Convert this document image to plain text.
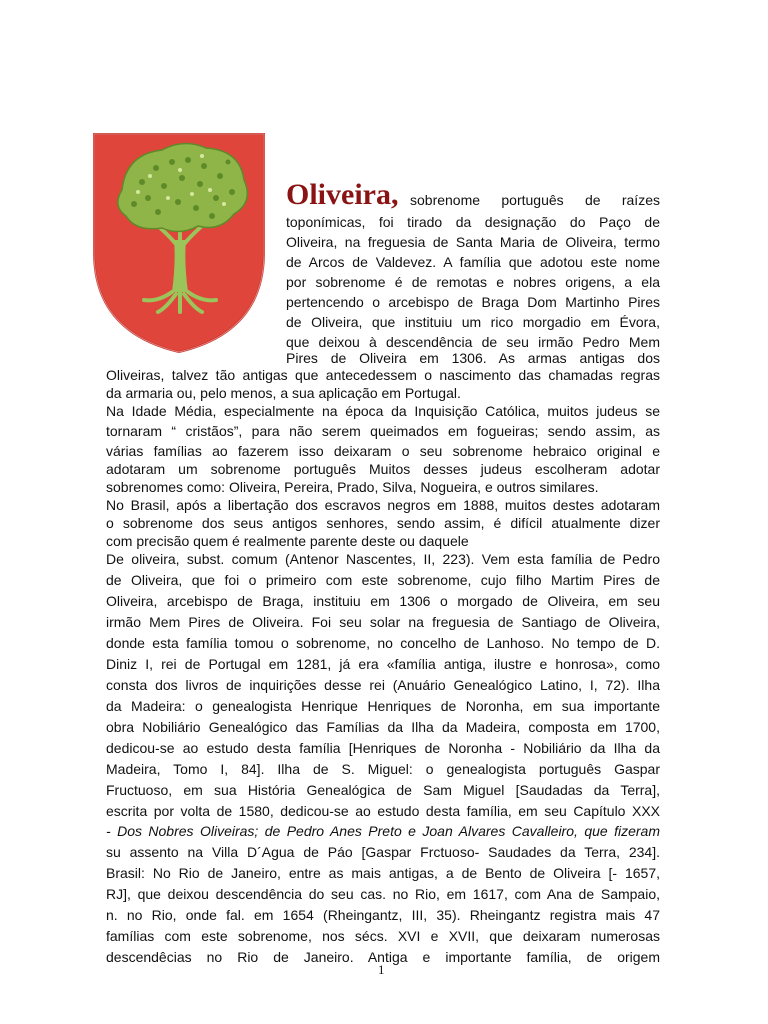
Oliveira, sobrenome português de raízes
toponímicas, foi tirado da designação do Paço de
Oliveira, na freguesia de Santa Maria de Oliveira, termo
de Arcos de Valdevez. A família que adotou este nome
por sobrenome é de remotas e nobres origens, a ela
pertencendo o arcebispo de Braga Dom Martinho Pires
de Oliveira, que instituiu um rico morgadio em Évora,
que deixou à descendência de seu irmão Pedro Mem
Pires de Oliveira em 1306. As armas antigas dos
Oliveiras, talvez tão antigas que antecedessem o nascimento das chamadas regras
da armaria ou, pelo menos, a sua aplicação em Portugal.
Na Idade Média, especialmente na época da Inquisição Católica, muitos judeus se
tornaram “ cristãos”, para não serem queimados em fogueiras; sendo assim, as
várias famílias ao fazerem isso deixaram o seu sobrenome hebraico original e
adotaram um sobrenome português Muitos desses judeus escolheram adotar
sobrenomes como: Oliveira, Pereira, Prado, Silva, Nogueira, e outros similares.
No Brasil, após a libertação dos escravos negros em 1888, muitos destes adotaram
o sobrenome dos seus antigos senhores, sendo assim, é difícil atualmente dizer
com precisão quem é realmente parente deste ou daquele
De oliveira, subst. comum (Antenor Nascentes, II, 223). Vem esta família de Pedro
de Oliveira, que foi o primeiro com este sobrenome, cujo filho Martim Pires de
Oliveira, arcebispo de Braga, instituiu em 1306 o morgado de Oliveira, em seu
irmão Mem Pires de Oliveira. Foi seu solar na freguesia de Santiago de Oliveira,
donde esta família tomou o sobrenome, no concelho de Lanhoso. No tempo de D.
Diniz I, rei de Portugal em 1281, já era «família antiga, ilustre e honrosa», como
consta dos livros de inquirições desse rei (Anuário Genealógico Latino, I, 72). Ilha
da Madeira: o genealogista Henrique Henriques de Noronha, em sua importante
obra Nobiliário Genealógico das Famílias da Ilha da Madeira, composta em 1700,
dedicou-se ao estudo desta família [Henriques de Noronha - Nobiliário da Ilha da
Madeira, Tomo I, 84]. Ilha de S. Miguel: o genealogista português Gaspar
Fructuoso, em sua História Genealógica de Sam Miguel [Saudadas da Terra],
escrita por volta de 1580, dedicou-se ao estudo desta família, em seu Capítulo XXX
- Dos Nobres Oliveiras; de Pedro Anes Preto e Joan Alvares Cavalleiro, que fizeram
su assento na Villa D´Agua de Páo [Gaspar Frctuoso- Saudades da Terra, 234].
Brasil: No Rio de Janeiro, entre as mais antigas, a de Bento de Oliveira [- 1657,
RJ], que deixou descendência do seu cas. no Rio, em 1617, com Ana de Sampaio,
n. no Rio, onde fal. em 1654 (Rheingantz, III, 35). Rheingantz registra mais 47
famílias com este sobrenome, nos sécs. XVI e XVII, que deixaram numerosas
descendêcias no Rio de Janeiro. Antiga e importante família, de origem
1
